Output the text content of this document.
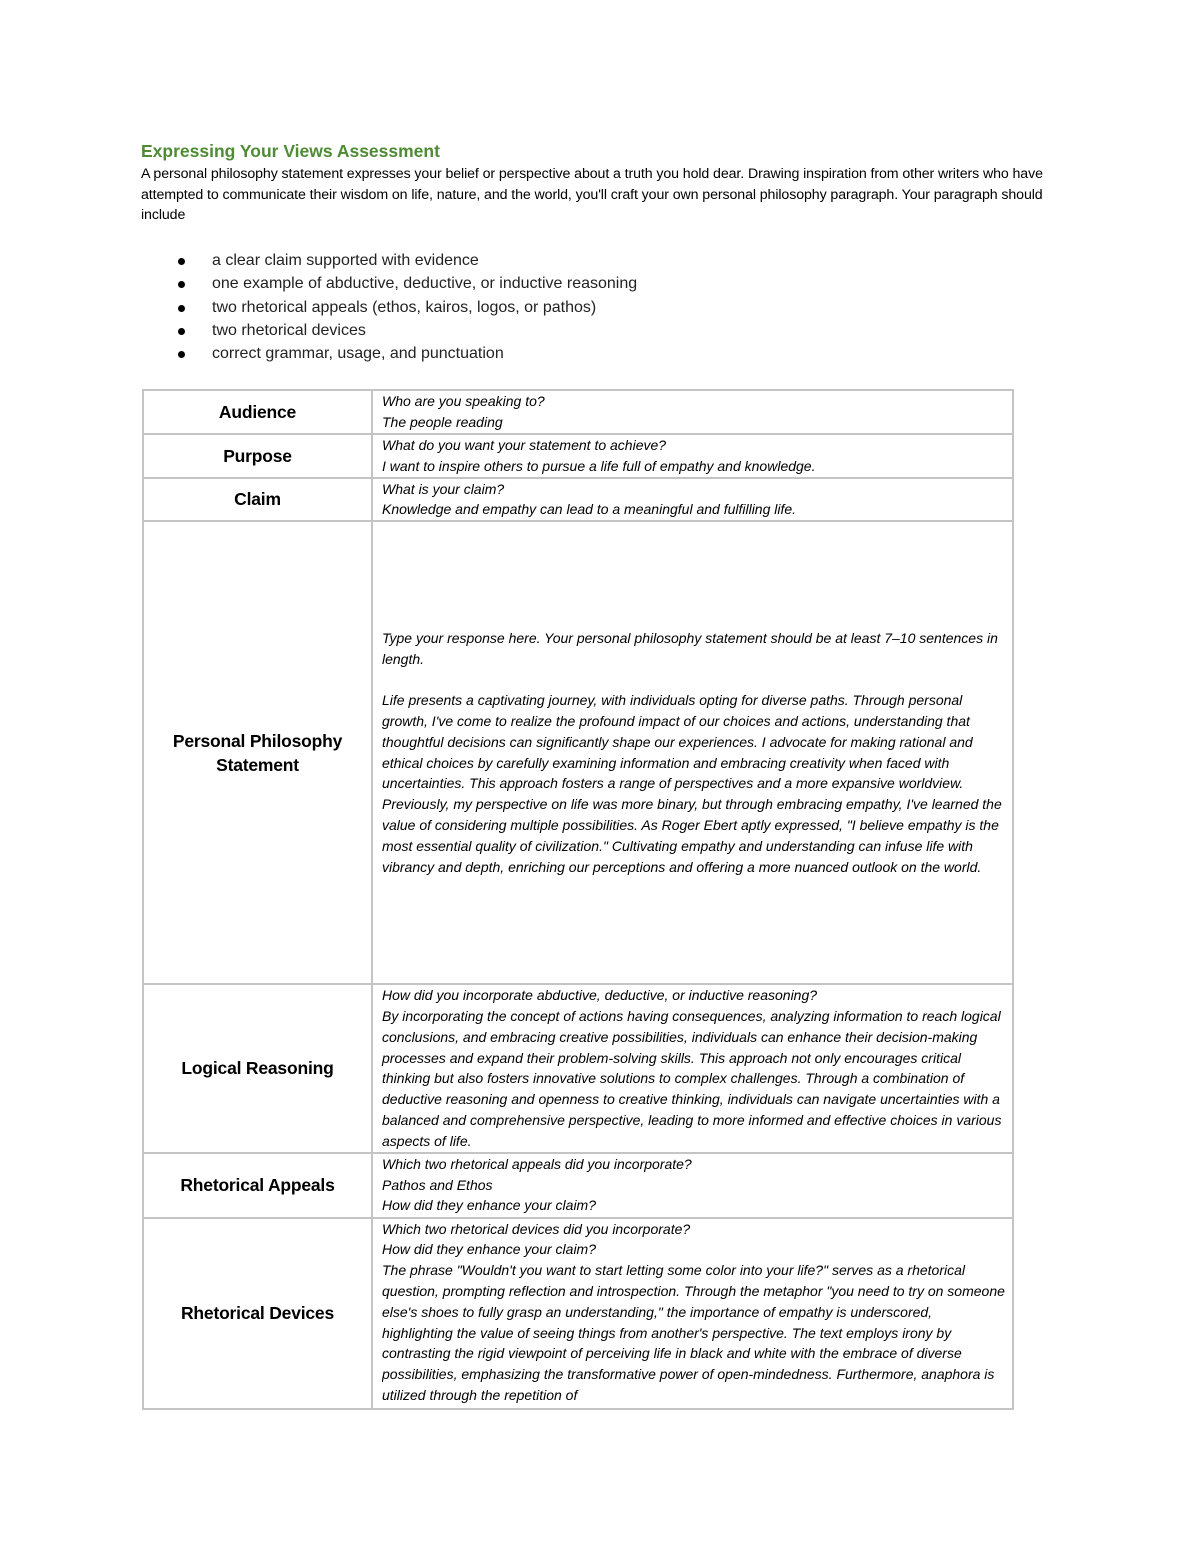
Expressing Your Views Assessment
A personal philosophy statement expresses your belief or perspective about a truth you hold dear. Drawing inspiration from other writers who have attempted to communicate their wisdom on life, nature, and the world, you'll craft your own personal philosophy paragraph. Your paragraph should include
a clear claim supported with evidence
one example of abductive, deductive, or inductive reasoning
two rhetorical appeals (ethos, kairos, logos, or pathos)
two rhetorical devices
correct grammar, usage, and punctuation
Audience	Who are you speaking to?

The people reading

Purpose	What do you want your statement to achieve?

I want to inspire others to pursue a life full of empathy and knowledge.

Claim	What is your claim?

Knowledge and empathy can lead to a meaningful and fulfilling life.

Personal Philosophy Statement	Type your response here. Your personal philosophy statement should be at least 7–10 sentences in length.

Life presents a captivating journey, with individuals opting for diverse paths. Through personal growth, I've come to realize the profound impact of our choices and actions, understanding that thoughtful decisions can significantly shape our experiences. I advocate for making rational and ethical choices by carefully examining information and embracing creativity when faced with uncertainties. This approach fosters a range of perspectives and a more expansive worldview. Previously, my perspective on life was more binary, but through embracing empathy, I've learned the value of considering multiple possibilities. As Roger Ebert aptly expressed, "I believe empathy is the most essential quality of civilization." Cultivating empathy and understanding can infuse life with vibrancy and depth, enriching our perceptions and offering a more nuanced outlook on the world.

Logical Reasoning	How did you incorporate abductive, deductive, or inductive reasoning?

By incorporating the concept of actions having consequences, analyzing information to reach logical conclusions, and embracing creative possibilities, individuals can enhance their decision-making processes and expand their problem-solving skills. This approach not only encourages critical thinking but also fosters innovative solutions to complex challenges. Through a combination of deductive reasoning and openness to creative thinking, individuals can navigate uncertainties with a balanced and comprehensive perspective, leading to more informed and effective choices in various aspects of life.

Rhetorical Appeals	Which two rhetorical appeals did you incorporate?

Pathos and Ethos

How did they enhance your claim?

Rhetorical Devices	Which two rhetorical devices did you incorporate?

How did they enhance your claim?

The phrase "Wouldn't you want to start letting some color into your life?" serves as a rhetorical question, prompting reflection and introspection. Through the metaphor "you need to try on someone else's shoes to fully grasp an understanding," the importance of empathy is underscored, highlighting the value of seeing things from another's perspective. The text employs irony by contrasting the rigid viewpoint of perceiving life in black and white with the embrace of diverse possibilities, emphasizing the transformative power of open-mindedness. Furthermore, anaphora is utilized through the repetition of
